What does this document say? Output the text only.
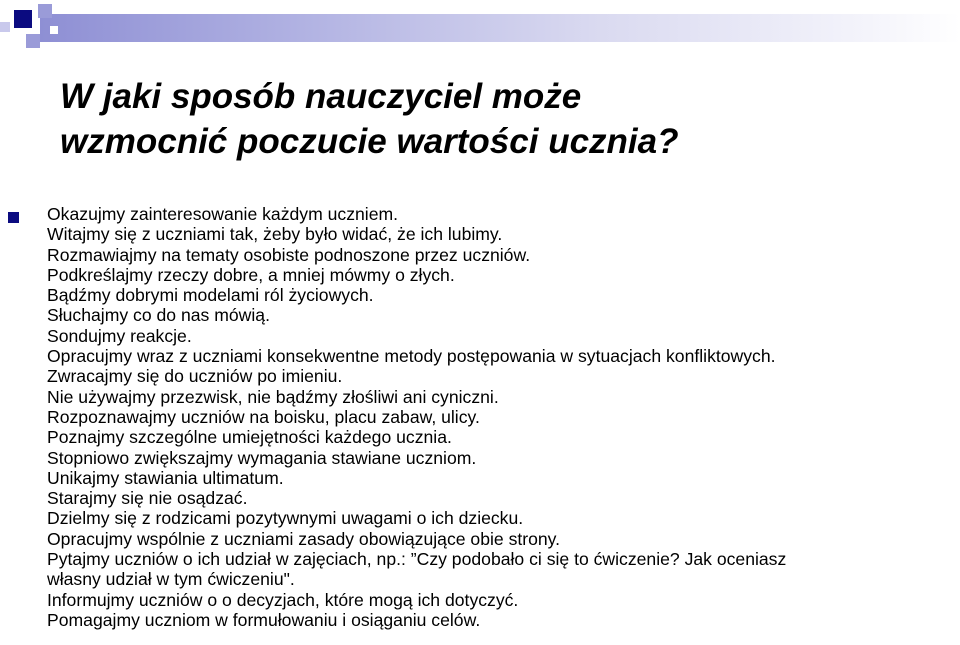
W jaki sposób nauczyciel może
wzmocnić poczucie wartości ucznia?
Okazujmy zainteresowanie każdym uczniem.
Witajmy się z uczniami tak, żeby było widać, że ich lubimy.
Rozmawiajmy na tematy osobiste podnoszone przez uczniów.
Podkreślajmy rzeczy dobre, a mniej mówmy o złych.
Bądźmy dobrymi modelami ról życiowych.
Słuchajmy co do nas mówią.
Sondujmy reakcje.
Opracujmy wraz z uczniami konsekwentne metody postępowania w sytuacjach konfliktowych.
Zwracajmy się do uczniów po imieniu.
Nie używajmy przezwisk, nie bądźmy złośliwi ani cyniczni.
Rozpoznawajmy uczniów na boisku, placu zabaw, ulicy.
Poznajmy szczególne umiejętności każdego ucznia.
Stopniowo zwiększajmy wymagania stawiane uczniom.
Unikajmy stawiania ultimatum.
Starajmy się nie osądzać.
Dzielmy się z rodzicami pozytywnymi uwagami o ich dziecku.
Opracujmy wspólnie z uczniami zasady obowiązujące obie strony.
Pytajmy uczniów o ich udział w zajęciach, np.: ”Czy podobało ci się to ćwiczenie? Jak oceniasz
własny udział w tym ćwiczeniu".
Informujmy uczniów o o decyzjach, które mogą ich dotyczyć.
Pomagajmy uczniom w formułowaniu i osiąganiu celów.
